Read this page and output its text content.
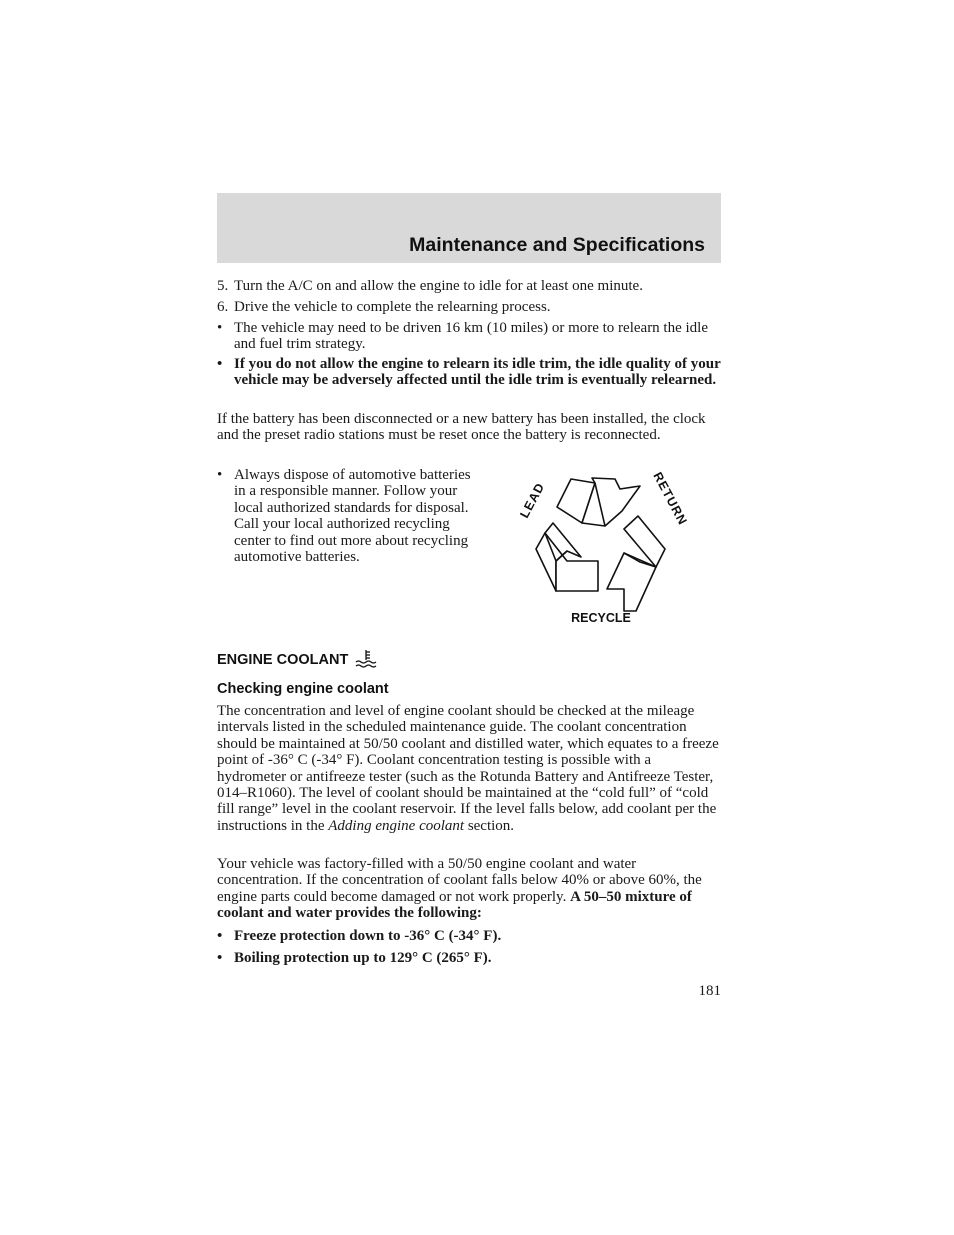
Maintenance and Specifications
5. Turn the A/C on and allow the engine to idle for at least one minute.
6. Drive the vehicle to complete the relearning process.
• The vehicle may need to be driven 16 km (10 miles) or more to relearn the idle and fuel trim strategy.
• If you do not allow the engine to relearn its idle trim, the idle quality of your vehicle may be adversely affected until the idle trim is eventually relearned.
If the battery has been disconnected or a new battery has been installed, the clock and the preset radio stations must be reset once the battery is reconnected.
• Always dispose of automotive batteries in a responsible manner. Follow your local authorized standards for disposal. Call your local authorized recycling center to find out more about recycling automotive batteries.
LEAD	RETURN
RECYCLE
ENGINE COOLANT
Checking engine coolant
The concentration and level of engine coolant should be checked at the mileage intervals listed in the scheduled maintenance guide. The coolant concentration should be maintained at 50/50 coolant and distilled water, which equates to a freeze point of -36° C (-34° F). Coolant concentration testing is possible with a hydrometer or antifreeze tester (such as the Rotunda Battery and Antifreeze Tester, 014–R1060). The level of coolant should be maintained at the “cold full” of “cold fill range” level in the coolant reservoir. If the level falls below, add coolant per the instructions in the Adding engine coolant section.
Your vehicle was factory-filled with a 50/50 engine coolant and water concentration. If the concentration of coolant falls below 40% or above 60%, the engine parts could become damaged or not work properly. A 50–50 mixture of coolant and water provides the following:
• Freeze protection down to -36° C (-34° F).
• Boiling protection up to 129° C (265° F).
181
